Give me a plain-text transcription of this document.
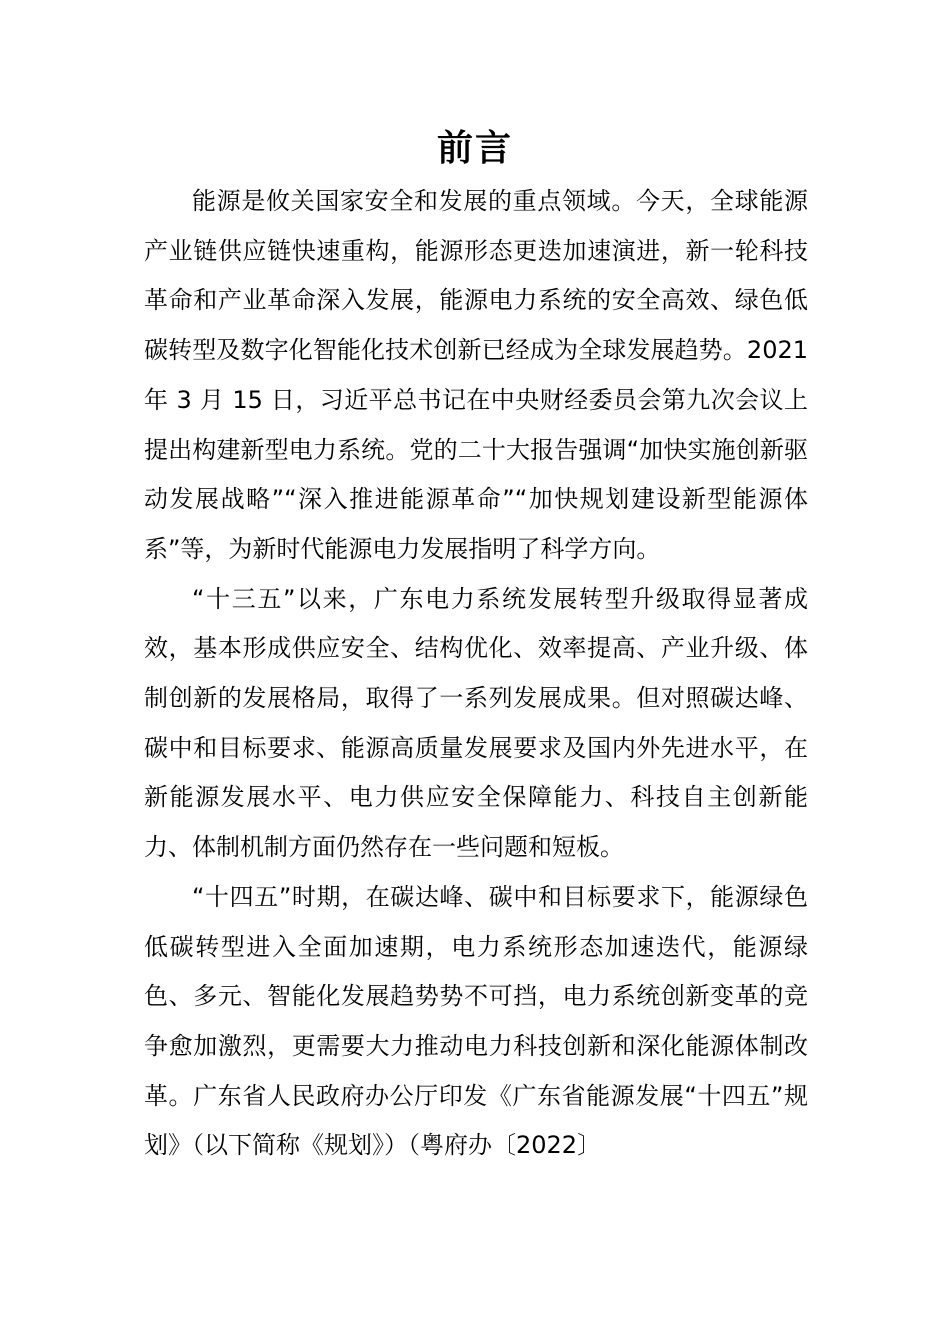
前言

能源是攸关国家安全和发展的重点领域。今天，全球能源产业链供应链快速重构，能源形态更迭加速演进，新一轮科技革命和产业革命深入发展，能源电力系统的安全高效、绿色低碳转型及数字化智能化技术创新已经成为全球发展趋势。2021 年 3 月 15 日，习近平总书记在中央财经委员会第九次会议上提出构建新型电力系统。党的二十大报告强调“加快实施创新驱动发展战略”“深入推进能源革命”“加快规划建设新型能源体系”等，为新时代能源电力发展指明了科学方向。

“十三五”以来，广东电力系统发展转型升级取得显著成效，基本形成供应安全、结构优化、效率提高、产业升级、体制创新的发展格局，取得了一系列发展成果。但对照碳达峰、碳中和目标要求、能源高质量发展要求及国内外先进水平，在新能源发展水平、电力供应安全保障能力、科技自主创新能力、体制机制方面仍然存在一些问题和短板。

“十四五”时期，在碳达峰、碳中和目标要求下，能源绿色低碳转型进入全面加速期，电力系统形态加速迭代，能源绿色、多元、智能化发展趋势势不可挡，电力系统创新变革的竞争愈加激烈，更需要大力推动电力科技创新和深化能源体制改革。广东省人民政府办公厅印发《广东省能源发展“十四五”规划》（以下简称《规划》）（粤府办〔2022〕
